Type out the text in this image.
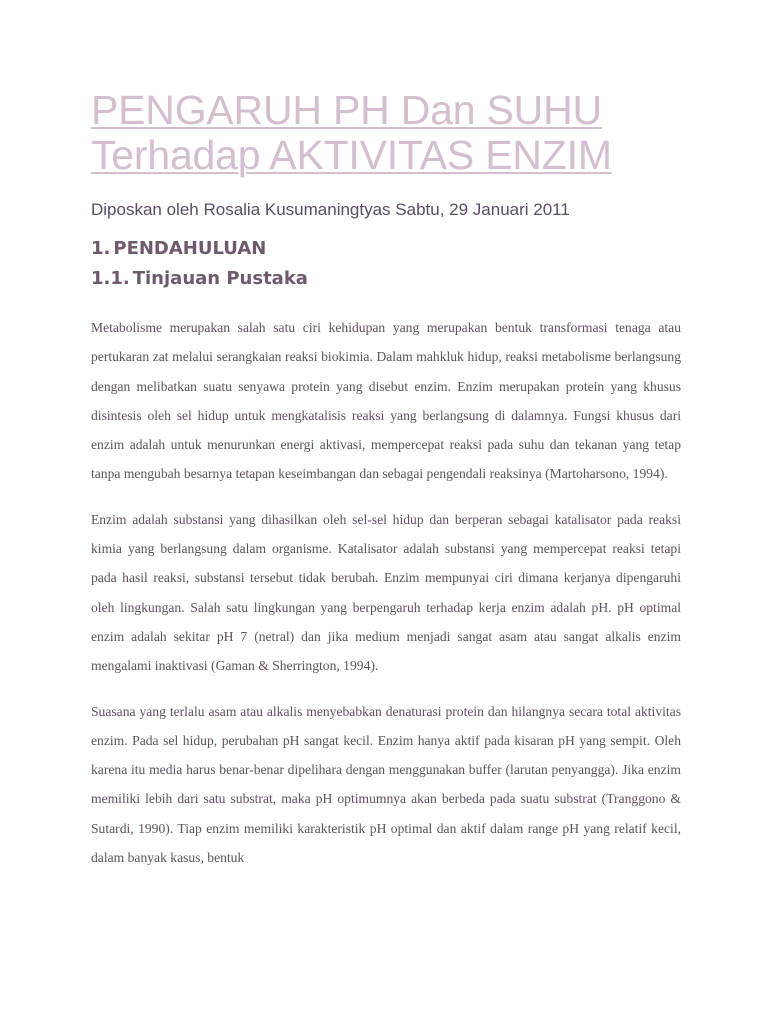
PENGARUH PH Dan SUHU
Terhadap AKTIVITAS ENZIM
Diposkan oleh Rosalia Kusumaningtyas Sabtu, 29 Januari 2011
1. PENDAHULUAN
1.1. Tinjauan Pustaka

Metabolisme merupakan salah satu ciri kehidupan yang merupakan bentuk transformasi tenaga atau pertukaran zat melalui serangkaian reaksi biokimia. Dalam mahkluk hidup, reaksi metabolisme berlangsung dengan melibatkan suatu senyawa protein yang disebut enzim. Enzim merupakan protein yang khusus disintesis oleh sel hidup untuk mengkatalisis reaksi yang berlangsung di dalamnya. Fungsi khusus dari enzim adalah untuk menurunkan energi aktivasi, mempercepat reaksi pada suhu dan tekanan yang tetap tanpa mengubah besarnya tetapan keseimbangan dan sebagai pengendali reaksinya (Martoharsono, 1994).

Enzim adalah substansi yang dihasilkan oleh sel-sel hidup dan berperan sebagai katalisator pada reaksi kimia yang berlangsung dalam organisme. Katalisator adalah substansi yang mempercepat reaksi tetapi pada hasil reaksi, substansi tersebut tidak berubah. Enzim mempunyai ciri dimana kerjanya dipengaruhi oleh lingkungan. Salah satu lingkungan yang berpengaruh terhadap kerja enzim adalah pH. pH optimal enzim adalah sekitar pH 7 (netral) dan jika medium menjadi sangat asam atau sangat alkalis enzim mengalami inaktivasi (Gaman & Sherrington, 1994).

Suasana yang terlalu asam atau alkalis menyebabkan denaturasi protein dan hilangnya secara total aktivitas enzim. Pada sel hidup, perubahan pH sangat kecil. Enzim hanya aktif pada kisaran pH yang sempit. Oleh karena itu media harus benar-benar dipelihara dengan menggunakan buffer (larutan penyangga). Jika enzim memiliki lebih dari satu substrat, maka pH optimumnya akan berbeda pada suatu substrat (Tranggono & Sutardi, 1990). Tiap enzim memiliki karakteristik pH optimal dan aktif dalam range pH yang relatif kecil, dalam banyak kasus, bentuk
